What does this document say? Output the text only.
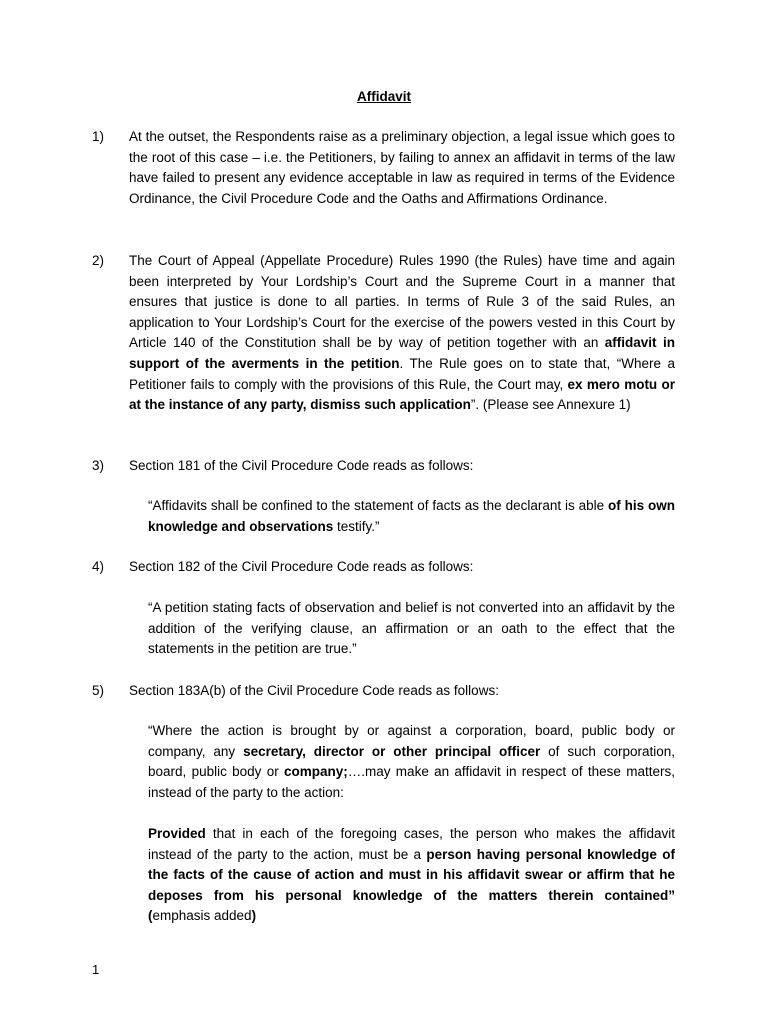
Affidavit
1) At the outset, the Respondents raise as a preliminary objection, a legal issue which goes to the root of this case – i.e. the Petitioners, by failing to annex an affidavit in terms of the law have failed to present any evidence acceptable in law as required in terms of the Evidence Ordinance, the Civil Procedure Code and the Oaths and Affirmations Ordinance.
2) The Court of Appeal (Appellate Procedure) Rules 1990 (the Rules) have time and again been interpreted by Your Lordship’s Court and the Supreme Court in a manner that ensures that justice is done to all parties. In terms of Rule 3 of the said Rules, an application to Your Lordship’s Court for the exercise of the powers vested in this Court by Article 140 of the Constitution shall be by way of petition together with an affidavit in support of the averments in the petition. The Rule goes on to state that, “Where a Petitioner fails to comply with the provisions of this Rule, the Court may, ex mero motu or at the instance of any party, dismiss such application”. (Please see Annexure 1)
3) Section 181 of the Civil Procedure Code reads as follows:
“Affidavits shall be confined to the statement of facts as the declarant is able of his own knowledge and observations testify.”
4) Section 182 of the Civil Procedure Code reads as follows:
“A petition stating facts of observation and belief is not converted into an affidavit by the addition of the verifying clause, an affirmation or an oath to the effect that the statements in the petition are true.”
5) Section 183A(b) of the Civil Procedure Code reads as follows:
“Where the action is brought by or against a corporation, board, public body or company, any secretary, director or other principal officer of such corporation, board, public body or company;….may make an affidavit in respect of these matters, instead of the party to the action:
Provided that in each of the foregoing cases, the person who makes the affidavit instead of the party to the action, must be a person having personal knowledge of the facts of the cause of action and must in his affidavit swear or affirm that he deposes from his personal knowledge of the matters therein contained” (emphasis added)
1
